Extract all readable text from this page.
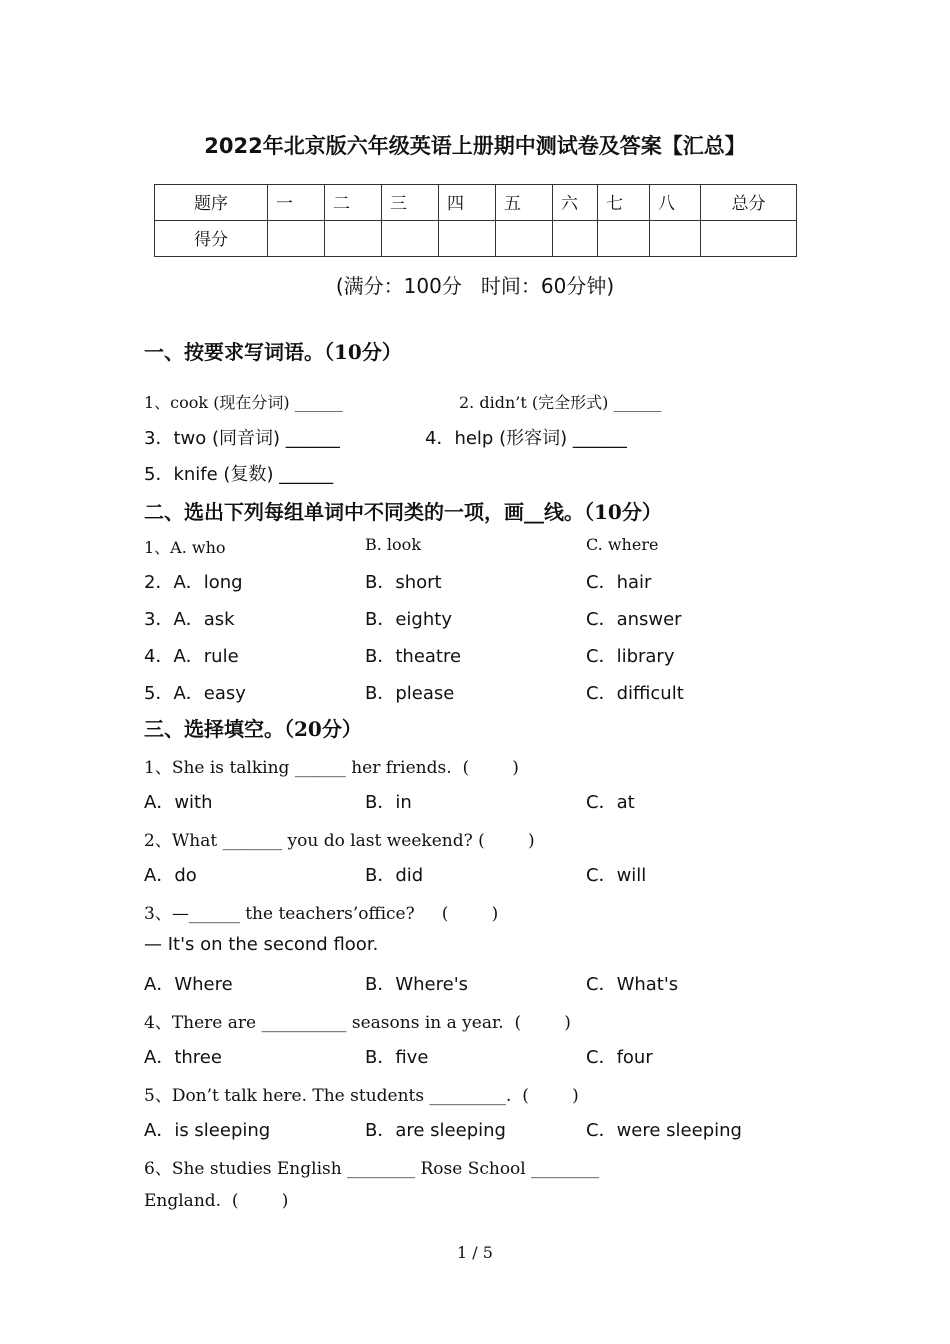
2022年北京版六年级英语上册期中测试卷及答案【汇总】
题序	一	二	三	四	五	六	七	八	总分
得分									
(满分：100分   时间：60分钟)
一、按要求写词语。（10分）
1、cook (现在分词) ______	2. didn’t (完全形式) ______
3．two (同音词) ______	4．help (形容词) ______
5．knife (复数) ______
二、选出下列每组单词中不同类的一项，画__线。（10分）
1、A. who	B. look	C. where
2．A．long	B．short	C．hair
3．A．ask	B．eighty	C．answer
4．A．rule	B．theatre	C．library
5．A．easy	B．please	C．difficult
三、选择填空。（20分）
1、She is talking ______ her friends.  (        )
A．with	B．in	C．at
2、What _______ you do last weekend? (        )
A．do	B．did	C．will
3、—______ the teachers’office?     (        )
— It's on the second floor.
A．Where	B．Where's	C．What's
4、There are __________ seasons in a year.  (        )
A．three	B．five	C．four
5、Don’t talk here. The students _________.  (        )
A．is sleeping	B．are sleeping	C．were sleeping
6、She studies English ________ Rose School ________
England.  (        )
1 / 5
